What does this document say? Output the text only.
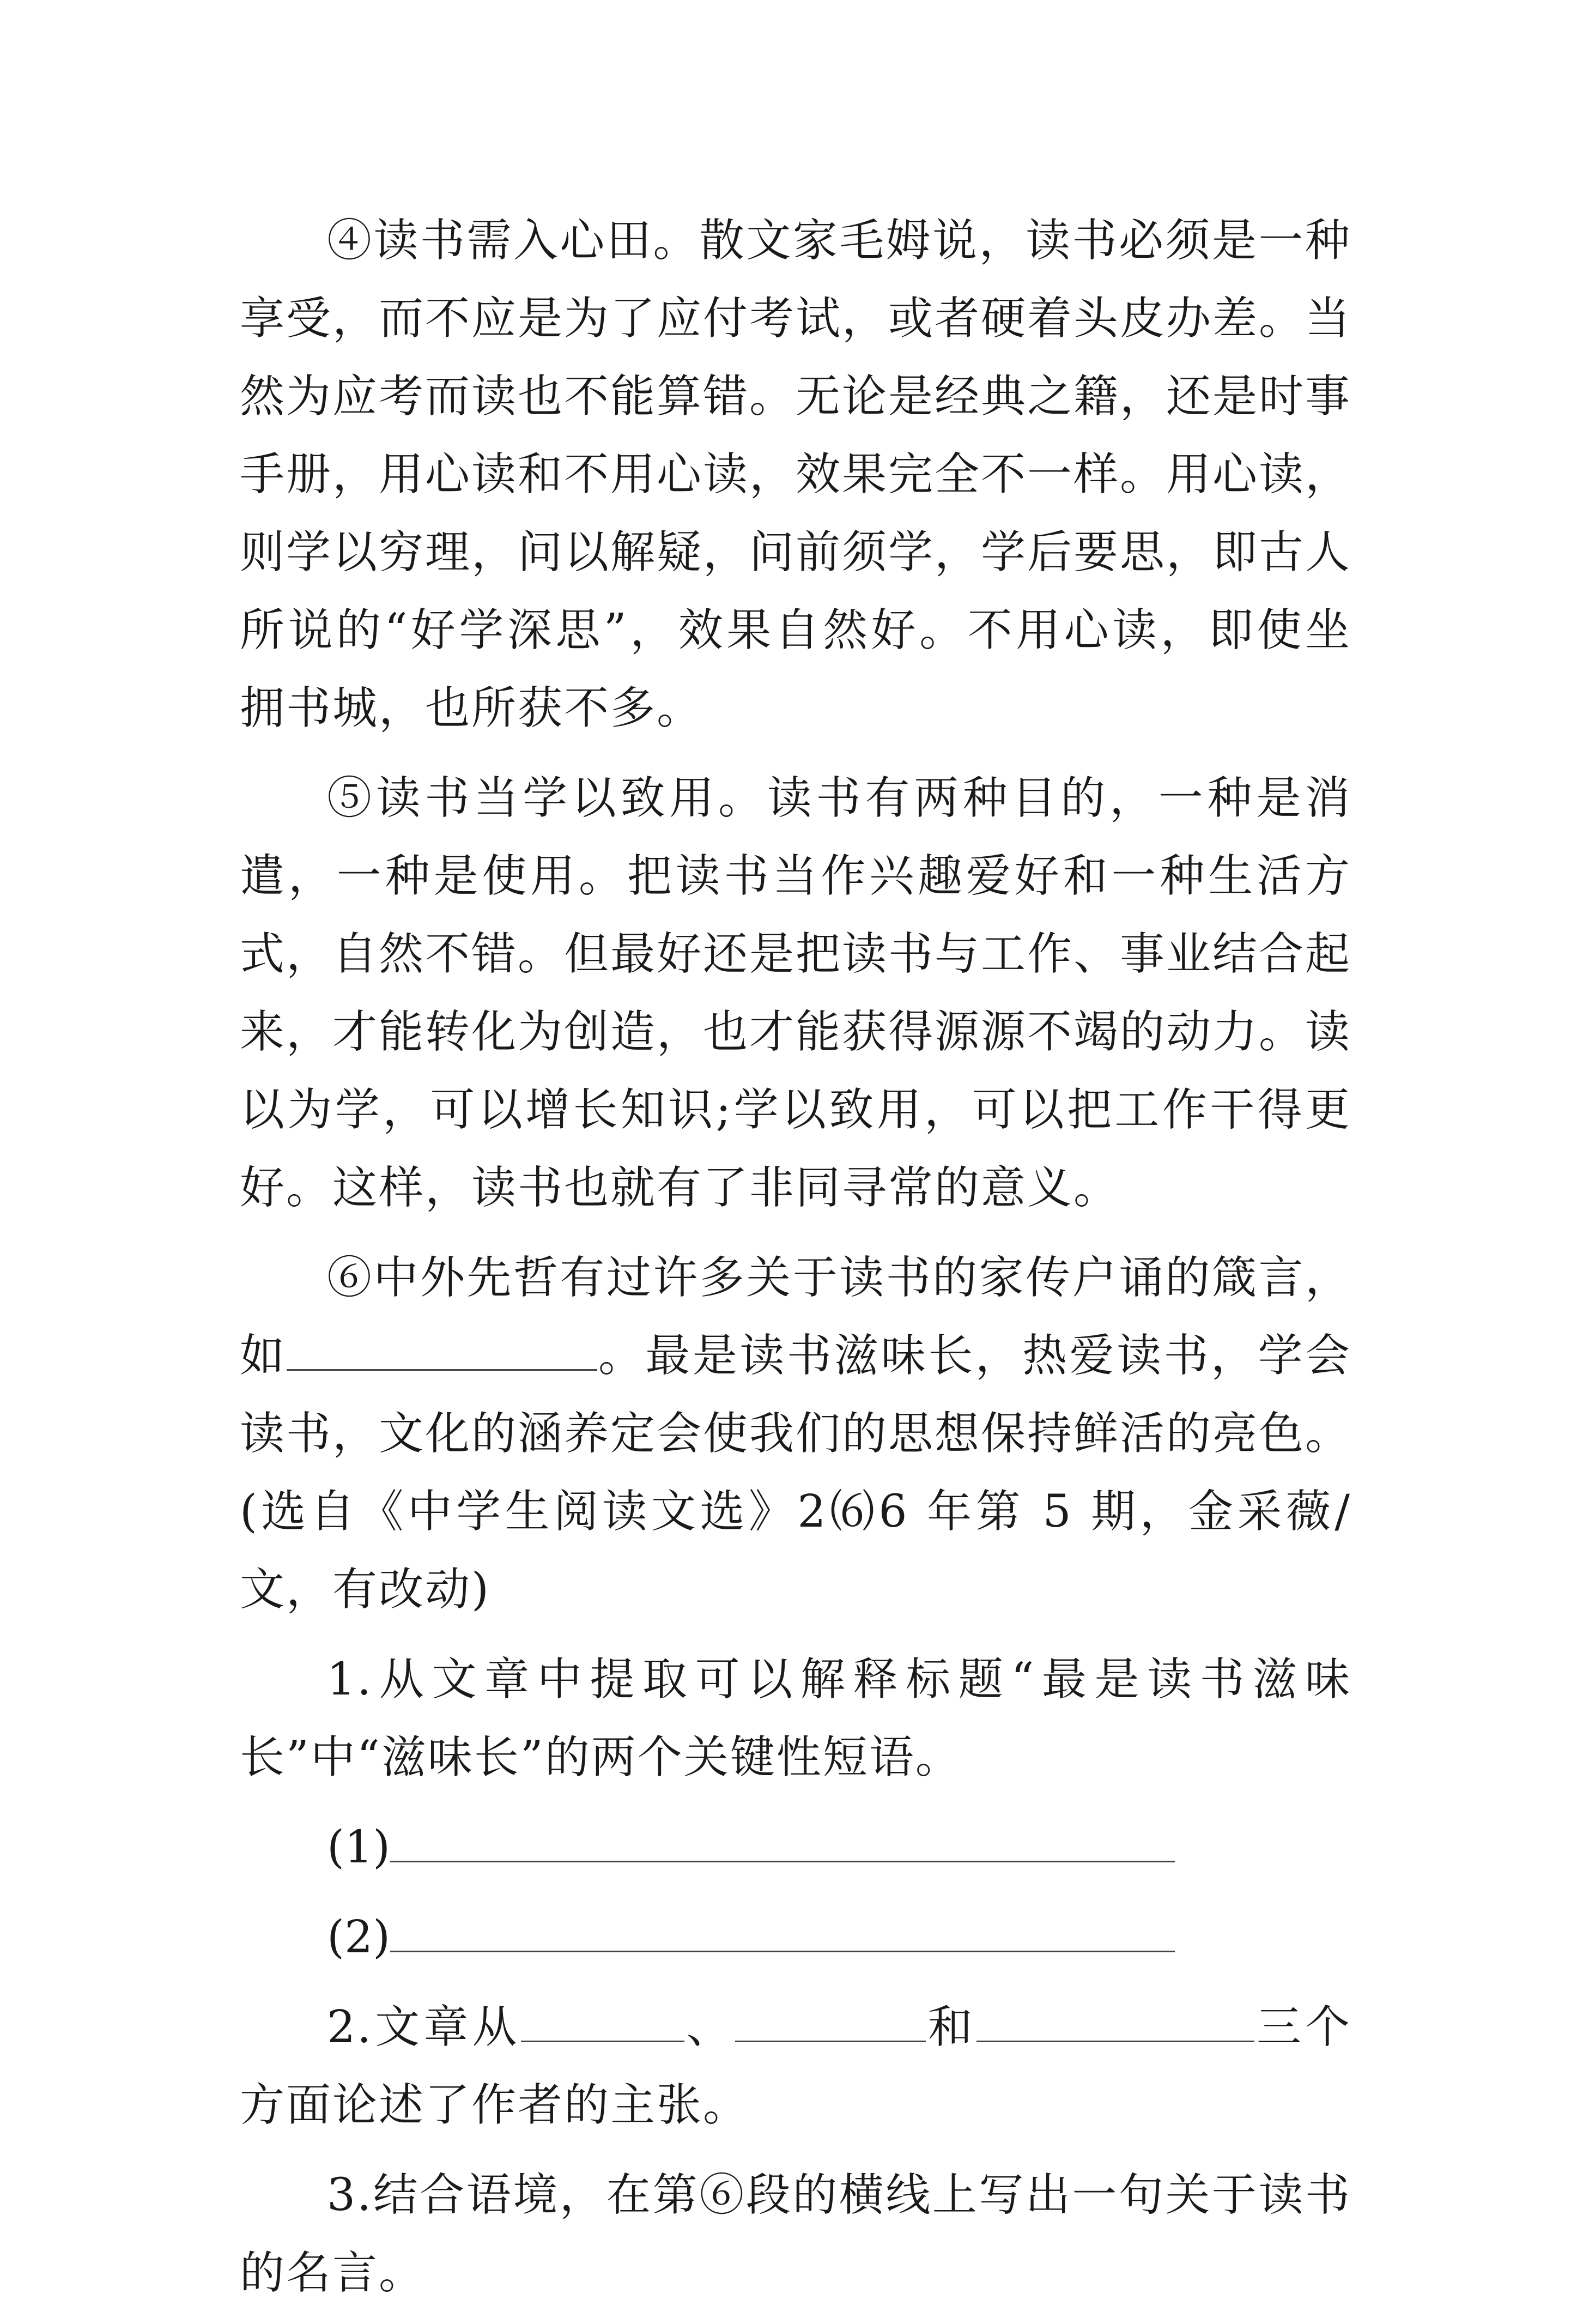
④读书需入心田。散文家毛姆说，读书必须是一种享受，而不应是为了应付考试，或者硬着头皮办差。当然为应考而读也不能算错。无论是经典之籍，还是时事手册，用心读和不用心读，效果完全不一样。用心读，则学以穷理，问以解疑，问前须学，学后要思，即古人所说的“好学深思”，效果自然好。不用心读，即使坐拥书城，也所获不多。

⑤读书当学以致用。读书有两种目的，一种是消遣，一种是使用。把读书当作兴趣爱好和一种生活方式，自然不错。但最好还是把读书与工作、事业结合起来，才能转化为创造，也才能获得源源不竭的动力。读以为学，可以增长知识;学以致用，可以把工作干得更好。这样，读书也就有了非同寻常的意义。

⑥中外先哲有过许多关于读书的家传户诵的箴言，如	。最是读书滋味长，热爱读书，学会读书，文化的涵养定会使我们的思想保持鲜活的亮色。(选自《中学生阅读文选》2⑹6 年第 5 期，金采薇/文，有改动)

1.从文章中提取可以解释标题“最是读书滋味长”中“滋味长”的两个关键性短语。

(1)
(2)

2.文章从	、	和	三个方面论述了作者的主张。

3.结合语境，在第⑥段的横线上写出一句关于读书的名言。
